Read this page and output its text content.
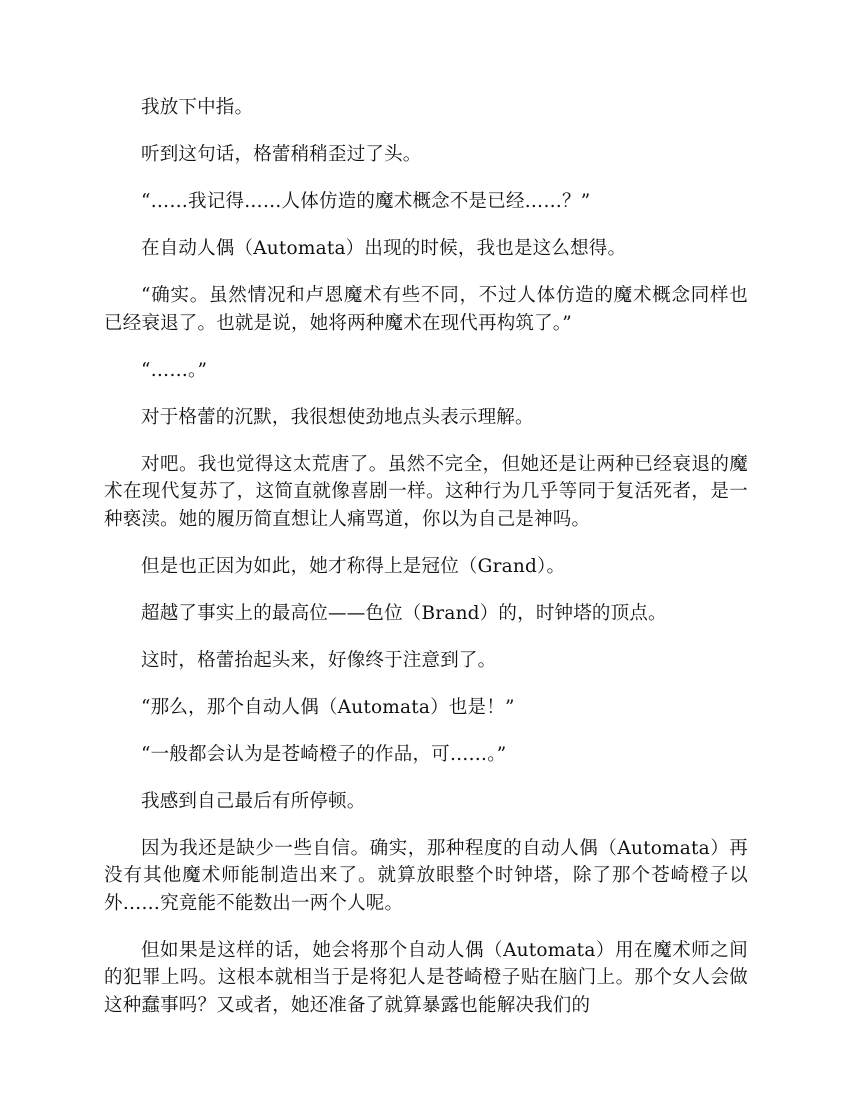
我放下中指。

听到这句话，格蕾稍稍歪过了头。

“……我记得……人体仿造的魔术概念不是已经……？”

在自动人偶（Automata）出现的时候，我也是这么想得。

“确实。虽然情况和卢恩魔术有些不同，不过人体仿造的魔术概念同样也已经衰退了。也就是说，她将两种魔术在现代再构筑了。”

“……。”

对于格蕾的沉默，我很想使劲地点头表示理解。

对吧。我也觉得这太荒唐了。虽然不完全，但她还是让两种已经衰退的魔术在现代复苏了，这简直就像喜剧一样。这种行为几乎等同于复活死者，是一种亵渎。她的履历简直想让人痛骂道，你以为自己是神吗。

但是也正因为如此，她才称得上是冠位（Grand）。

超越了事实上的最高位——色位（Brand）的，时钟塔的顶点。

这时，格蕾抬起头来，好像终于注意到了。

“那么，那个自动人偶（Automata）也是！”

“一般都会认为是苍崎橙子的作品，可……。”

我感到自己最后有所停顿。

因为我还是缺少一些自信。确实，那种程度的自动人偶（Automata）再没有其他魔术师能制造出来了。就算放眼整个时钟塔，除了那个苍崎橙子以外……究竟能不能数出一两个人呢。

但如果是这样的话，她会将那个自动人偶（Automata）用在魔术师之间的犯罪上吗。这根本就相当于是将犯人是苍崎橙子贴在脑门上。那个女人会做这种蠢事吗？又或者，她还准备了就算暴露也能解决我们的
